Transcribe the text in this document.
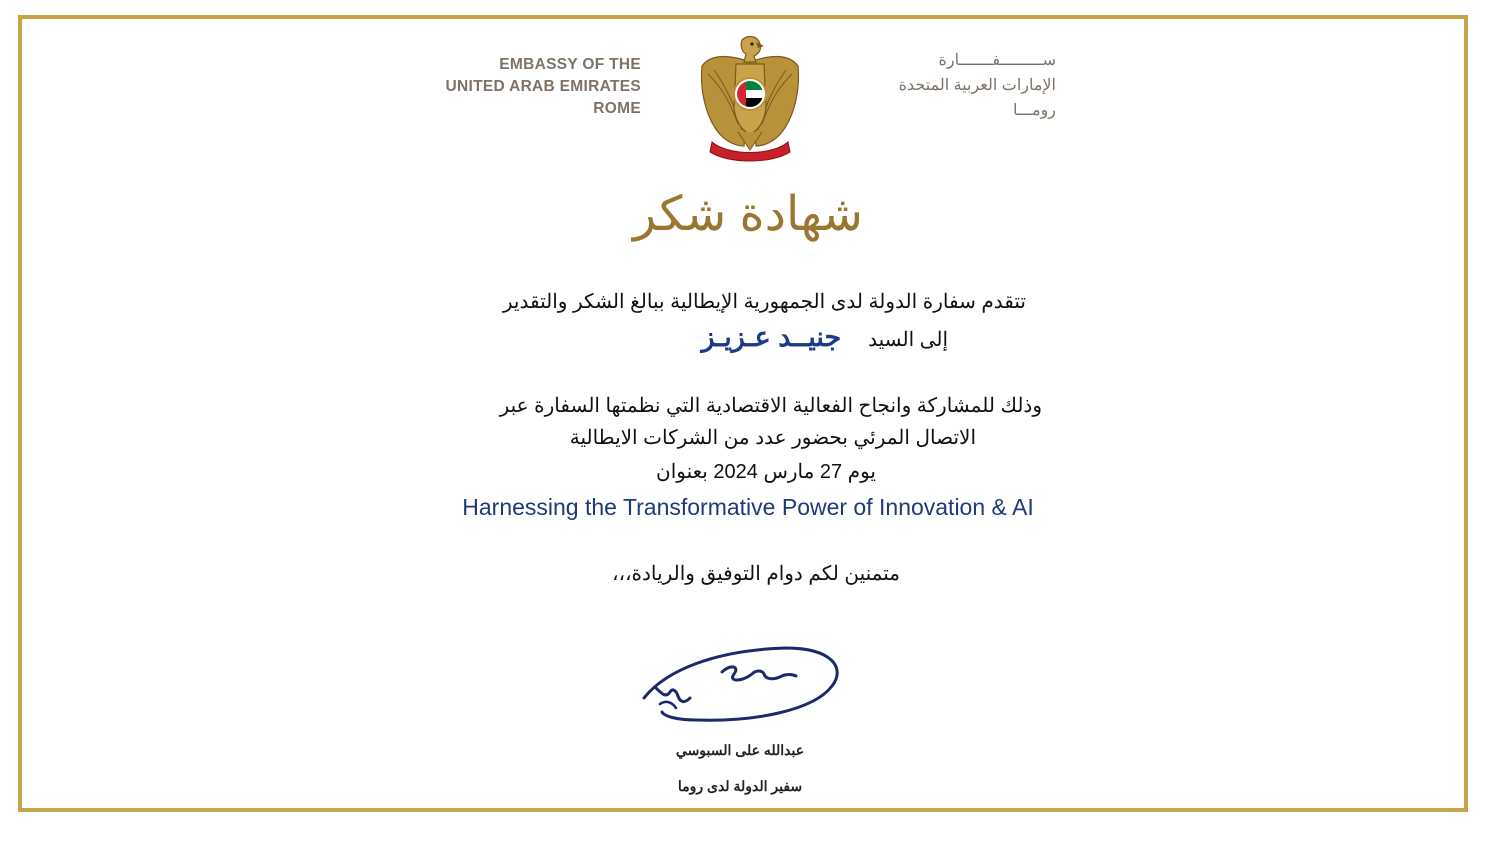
EMBASSY OF THE
UNITED ARAB EMIRATES
ROME
ســـــــــفـــــــارة
الإمارات العربية المتحدة
رومـــا
شهادة شكر
تتقدم سفارة الدولة لدى الجمهورية الإيطالية ببالغ الشكر والتقدير
إلى السيد  جنيــد عـزيـز
وذلك للمشاركة وانجاح الفعالية الاقتصادية التي نظمتها السفارة عبر
الاتصال المرئي بحضور عدد من الشركات الايطالية
يوم 27 مارس 2024 بعنوان
Harnessing the Transformative Power of Innovation & AI
متمنين لكم دوام التوفيق والريادة،،،
عبدالله على السبوسي
سفير الدولة لدى روما
